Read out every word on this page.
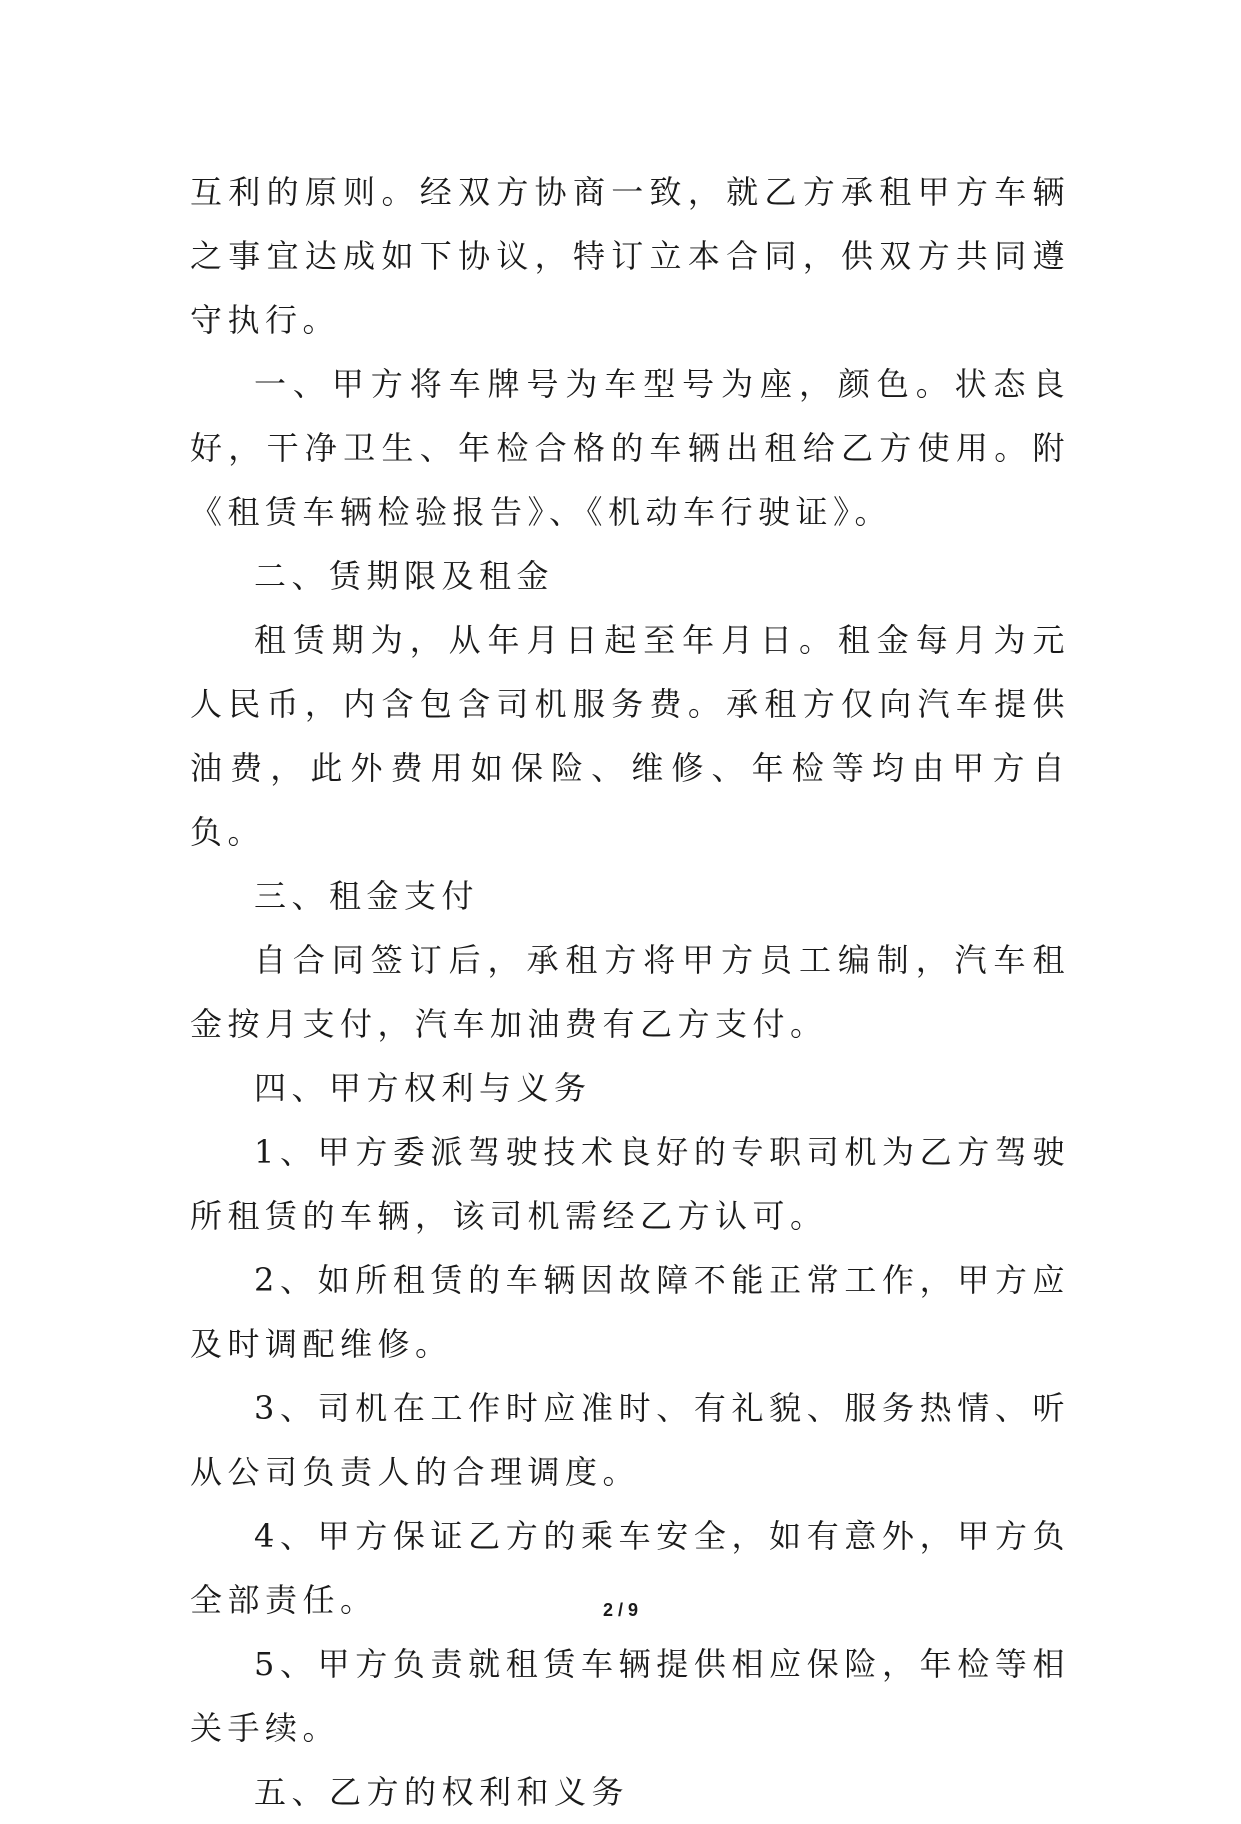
互利的原则。经双方协商一致，就乙方承租甲方车辆之事宜达成如下协议，特订立本合同，供双方共同遵守执行。

一、甲方将车牌号为车型号为座，颜色。状态良好，干净卫生、年检合格的车辆出租给乙方使用。附《租赁车辆检验报告》、《机动车行驶证》。

二、赁期限及租金

租赁期为，从年月日起至年月日。租金每月为元人民币，内含包含司机服务费。承租方仅向汽车提供油费，此外费用如保险、维修、年检等均由甲方自负。

三、租金支付

自合同签订后，承租方将甲方员工编制，汽车租金按月支付，汽车加油费有乙方支付。

四、甲方权利与义务

1、甲方委派驾驶技术良好的专职司机为乙方驾驶所租赁的车辆，该司机需经乙方认可。

2、如所租赁的车辆因故障不能正常工作，甲方应及时调配维修。

3、司机在工作时应准时、有礼貌、服务热情、听从公司负责人的合理调度。

4、甲方保证乙方的乘车安全，如有意外，甲方负全部责任。

5、甲方负责就租赁车辆提供相应保险，年检等相关手续。

五、乙方的权利和义务

2 / 9
